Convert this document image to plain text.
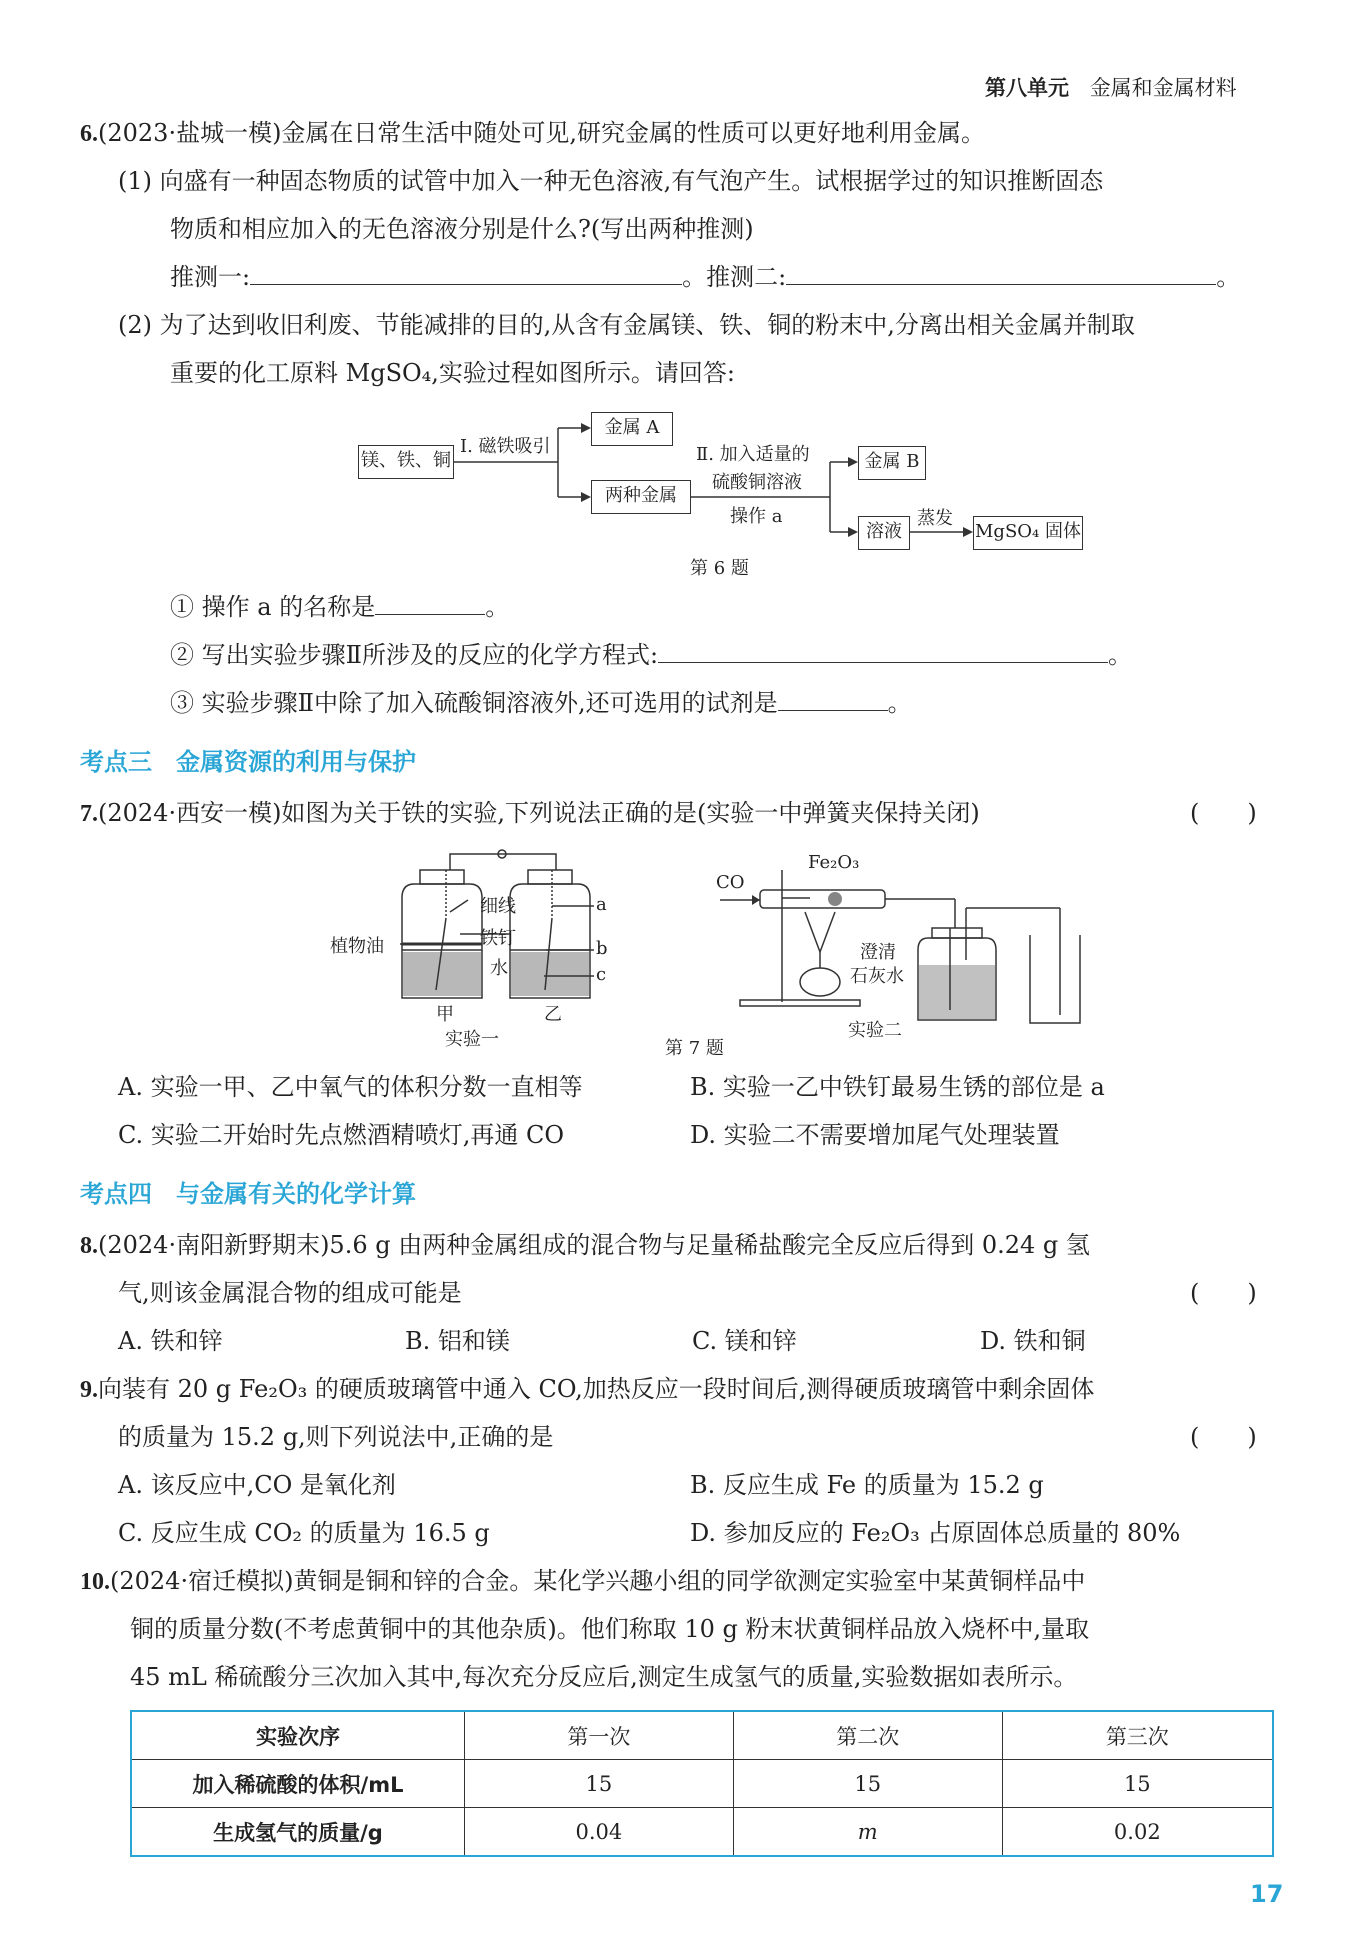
第八单元 金属和金属材料
6.(2023·盐城一模)金属在日常生活中随处可见,研究金属的性质可以更好地利用金属。
(1) 向盛有一种固态物质的试管中加入一种无色溶液,有气泡产生。试根据学过的知识推断固态
物质和相应加入的无色溶液分别是什么?(写出两种推测)
推测一:	。推测二:	。
(2) 为了达到收旧利废、节能减排的目的,从含有金属镁、铁、铜的粉末中,分离出相关金属并制取
重要的化工原料 MgSO₄,实验过程如图所示。请回答:
镁、铁、铜
I. 磁铁吸引
金属 A
两种金属
Ⅱ. 加入适量的
硫酸铜溶液
操作 a
金属 B
溶液
蒸发
MgSO₄ 固体
第 6 题
① 操作 a 的名称是	。
② 写出实验步骤Ⅱ所涉及的反应的化学方程式:	。
③ 实验步骤Ⅱ中除了加入硫酸铜溶液外,还可选用的试剂是	。
考点三　金属资源的利用与保护
7.(2024·西安一模)如图为关于铁的实验,下列说法正确的是(实验一中弹簧夹保持关闭)	(　　)
细线
植物油	铁钉
水
a
b
c
甲	乙
实验一
CO
Fe₂O₃
澄清
石灰水
实验二
第 7 题
A. 实验一甲、乙中氧气的体积分数一直相等	B. 实验一乙中铁钉最易生锈的部位是 a
C. 实验二开始时先点燃酒精喷灯,再通 CO	D. 实验二不需要增加尾气处理装置
考点四　与金属有关的化学计算
8.(2024·南阳新野期末)5.6 g 由两种金属组成的混合物与足量稀盐酸完全反应后得到 0.24 g 氢
气,则该金属混合物的组成可能是	(　　)
A. 铁和锌	B. 铝和镁	C. 镁和锌	D. 铁和铜
9.向装有 20 g Fe₂O₃ 的硬质玻璃管中通入 CO,加热反应一段时间后,测得硬质玻璃管中剩余固体
的质量为 15.2 g,则下列说法中,正确的是	(　　)
A. 该反应中,CO 是氧化剂	B. 反应生成 Fe 的质量为 15.2 g
C. 反应生成 CO₂ 的质量为 16.5 g	D. 参加反应的 Fe₂O₃ 占原固体总质量的 80%
10.(2024·宿迁模拟)黄铜是铜和锌的合金。某化学兴趣小组的同学欲测定实验室中某黄铜样品中
铜的质量分数(不考虑黄铜中的其他杂质)。他们称取 10 g 粉末状黄铜样品放入烧杯中,量取
45 mL 稀硫酸分三次加入其中,每次充分反应后,测定生成氢气的质量,实验数据如表所示。
实验次序	第一次	第二次	第三次
加入稀硫酸的体积/mL	15	15	15
生成氢气的质量/g	0.04	m	0.02
17
